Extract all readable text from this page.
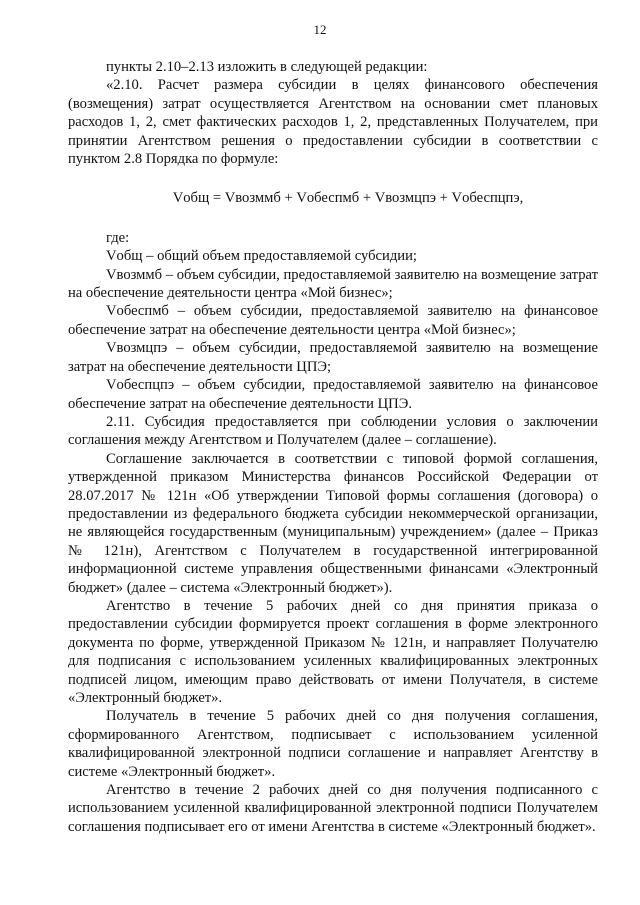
12

пункты 2.10–2.13 изложить в следующей редакции:

«2.10. Расчет размера субсидии в целях финансового обеспечения (возмещения) затрат осуществляется Агентством на основании смет плановых расходов 1, 2, смет фактических расходов 1, 2, представленных Получателем, при принятии Агентством решения о предоставлении субсидии в соответствии с пунктом 2.8 Порядка по формуле:

Vобщ = Vвозммб + Vобеспмб + Vвозмцпэ + Vобеспцпэ,

где:

Vобщ – общий объем предоставляемой субсидии;

Vвозммб – объем субсидии, предоставляемой заявителю на возмещение затрат на обеспечение деятельности центра «Мой бизнес»;

Vобеспмб – объем субсидии, предоставляемой заявителю на финансовое обеспечение затрат на обеспечение деятельности центра «Мой бизнес»;

Vвозмцпэ – объем субсидии, предоставляемой заявителю на возмещение затрат на обеспечение деятельности ЦПЭ;

Vобеспцпэ – объем субсидии, предоставляемой заявителю на финансовое обеспечение затрат на обеспечение деятельности ЦПЭ.

2.11. Субсидия предоставляется при соблюдении условия о заключении соглашения между Агентством и Получателем (далее – соглашение).

Соглашение заключается в соответствии с типовой формой соглашения, утвержденной приказом Министерства финансов Российской Федерации от 28.07.2017 № 121н «Об утверждении Типовой формы соглашения (договора) о предоставлении из федерального бюджета субсидии некоммерческой организации, не являющейся государственным (муниципальным) учреждением» (далее – Приказ № 121н), Агентством с Получателем в государственной интегрированной информационной системе управления общественными финансами «Электронный бюджет» (далее – система «Электронный бюджет»).

Агентство в течение 5 рабочих дней со дня принятия приказа о предоставлении субсидии формируется проект соглашения в форме электронного документа по форме, утвержденной Приказом № 121н, и направляет Получателю для подписания с использованием усиленных квалифицированных электронных подписей лицом, имеющим право действовать от имени Получателя, в системе «Электронный бюджет».

Получатель в течение 5 рабочих дней со дня получения соглашения, сформированного Агентством, подписывает с использованием усиленной квалифицированной электронной подписи соглашение и направляет Агентству в системе «Электронный бюджет».

Агентство в течение 2 рабочих дней со дня получения подписанного с использованием усиленной квалифицированной электронной подписи Получателем соглашения подписывает его от имени Агентства в системе «Электронный бюджет».
